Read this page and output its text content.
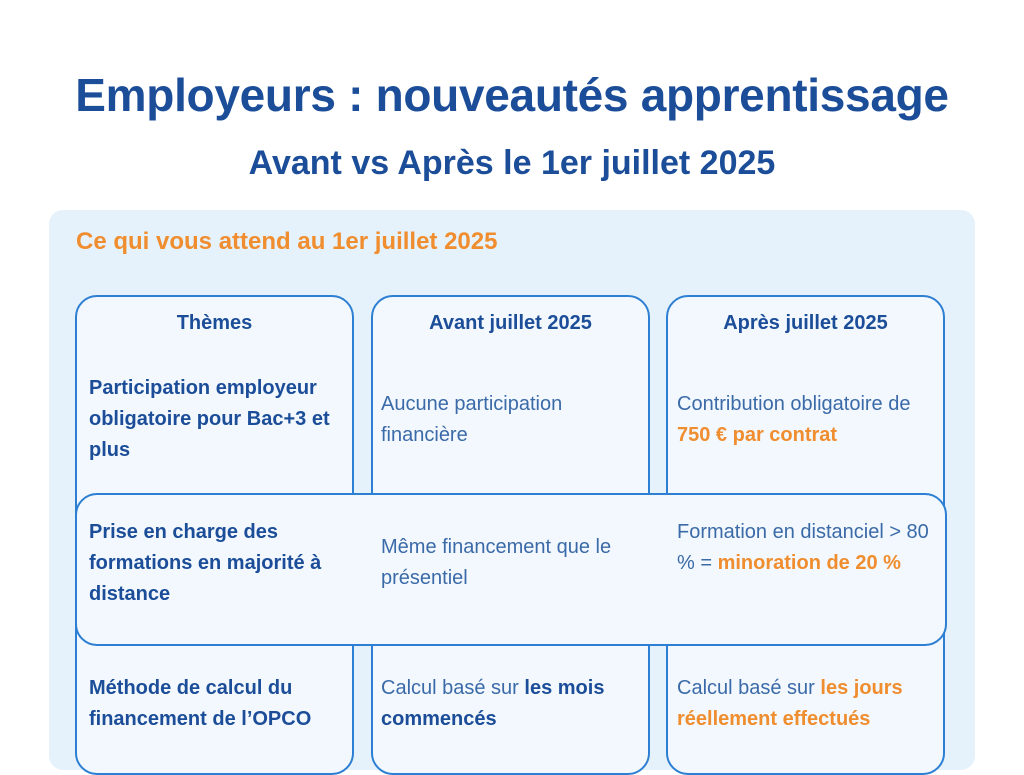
Employeurs : nouveautés apprentissage
Avant vs Après le 1er juillet 2025
Ce qui vous attend au 1er juillet 2025
Thèmes	Avant juillet 2025	Après juillet 2025

Participation employeur obligatoire pour Bac+3 et plus

Aucune participation financière

Contribution obligatoire de 750 € par contrat

Prise en charge des formations en majorité à distance

Même financement que le présentiel

Formation en distanciel > 80 % = minoration de 20 %

Méthode de calcul du financement de l’OPCO

Calcul basé sur les mois commencés

Calcul basé sur les jours réellement effectués
